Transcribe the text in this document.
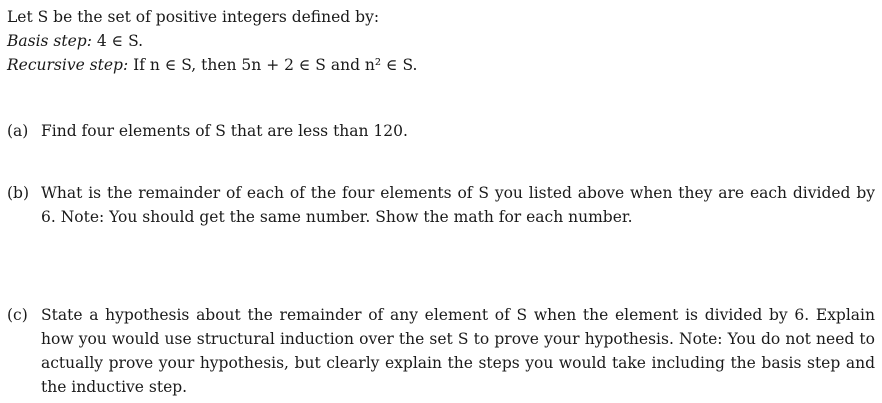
Let S be the set of positive integers defined by:
Basis step: 4 ∈ S.
Recursive step: If n ∈ S, then 5n + 2 ∈ S and n² ∈ S.
(a) Find four elements of S that are less than 120.
(b) What is the remainder of each of the four elements of S you listed above when they are each divided by 6. Note: You should get the same number. Show the math for each number.
(c) State a hypothesis about the remainder of any element of S when the element is divided by 6. Explain how you would use structural induction over the set S to prove your hypothesis. Note: You do not need to actually prove your hypothesis, but clearly explain the steps you would take including the basis step and the inductive step.
